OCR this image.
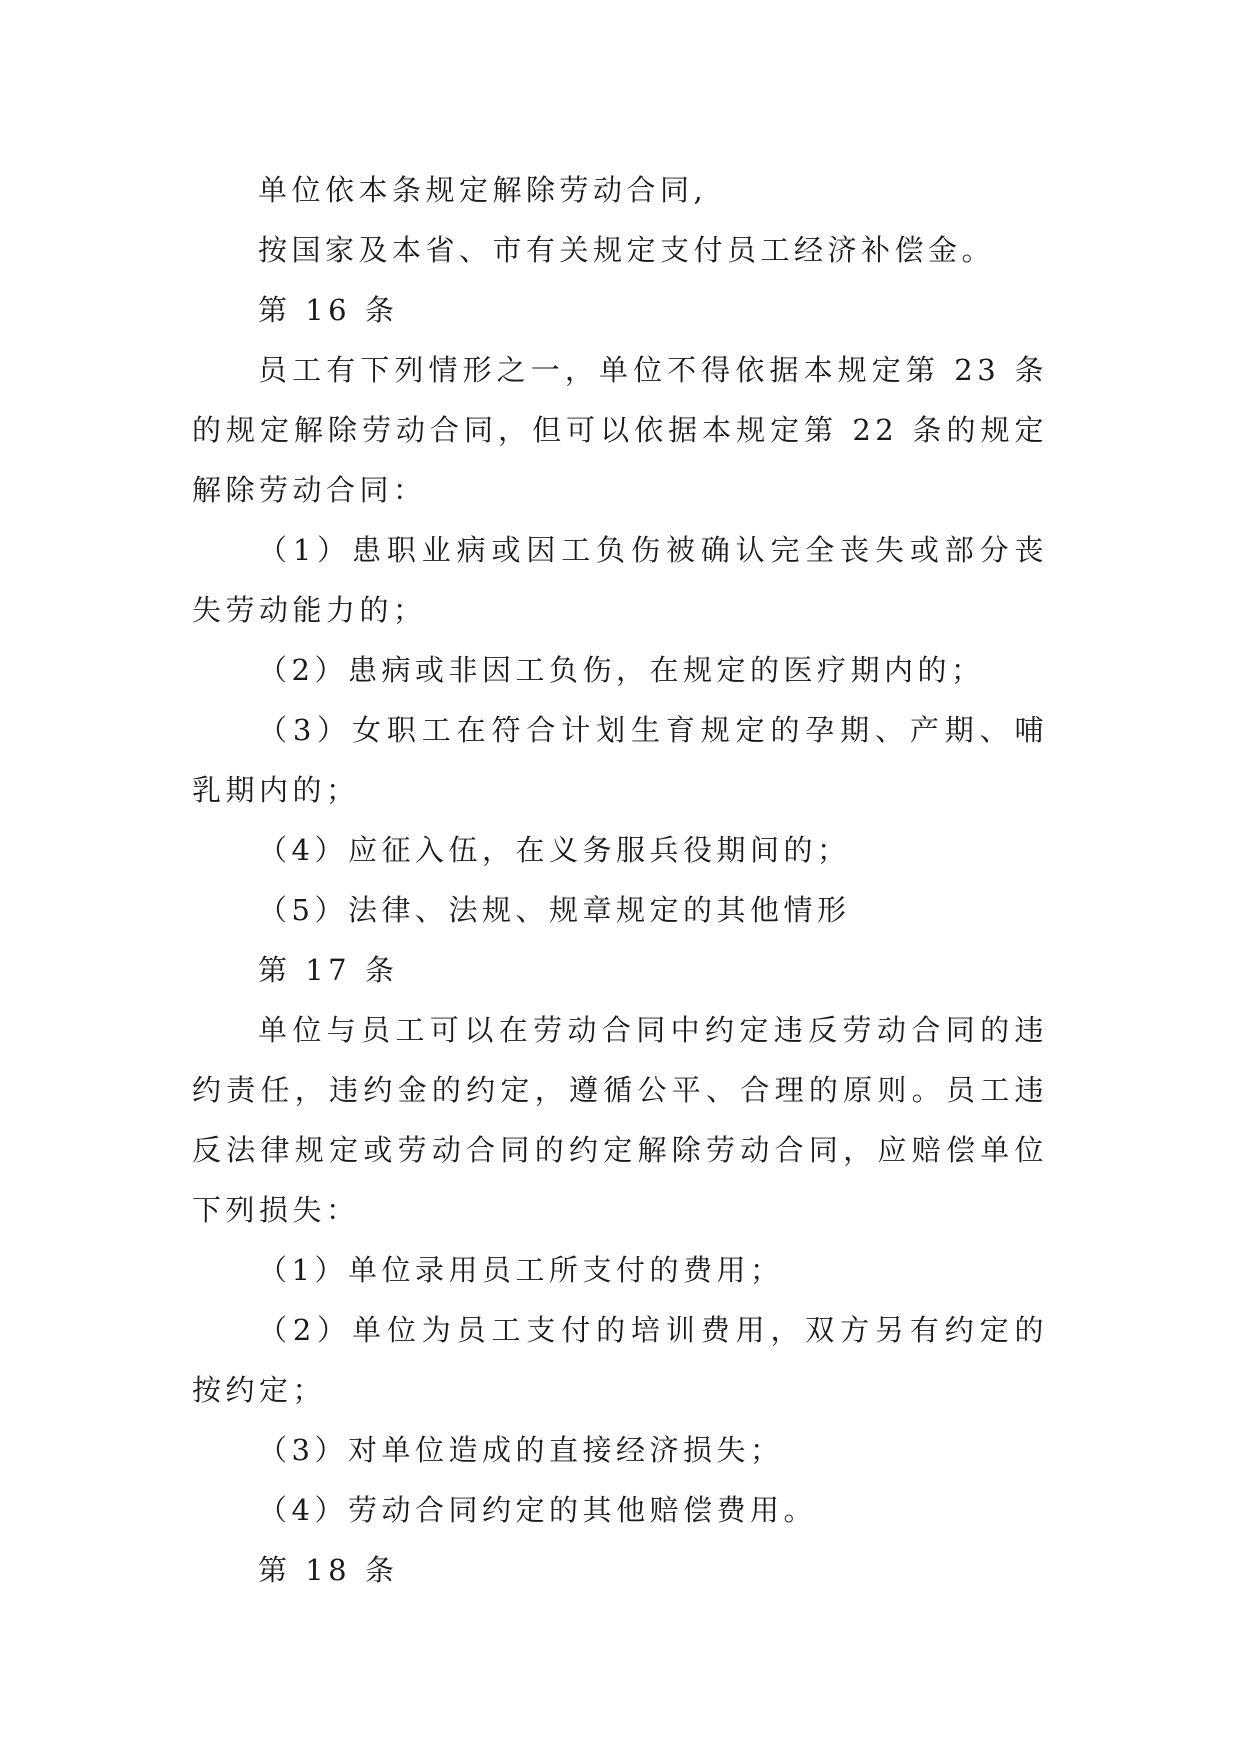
单位依本条规定解除劳动合同,

按国家及本省、市有关规定支付员工经济补偿金。

第 16 条

员工有下列情形之一，单位不得依据本规定第 23 条的规定解除劳动合同，但可以依据本规定第 22 条的规定解除劳动合同：

（1）患职业病或因工负伤被确认完全丧失或部分丧失劳动能力的；

（2）患病或非因工负伤，在规定的医疗期内的；

（3）女职工在符合计划生育规定的孕期、产期、哺乳期内的；

（4）应征入伍，在义务服兵役期间的；

（5）法律、法规、规章规定的其他情形

第 17 条

单位与员工可以在劳动合同中约定违反劳动合同的违约责任，违约金的约定，遵循公平、合理的原则。员工违反法律规定或劳动合同的约定解除劳动合同，应赔偿单位下列损失：

（1）单位录用员工所支付的费用；

（2）单位为员工支付的培训费用，双方另有约定的按约定；

（3）对单位造成的直接经济损失；

（4）劳动合同约定的其他赔偿费用。

第 18 条
